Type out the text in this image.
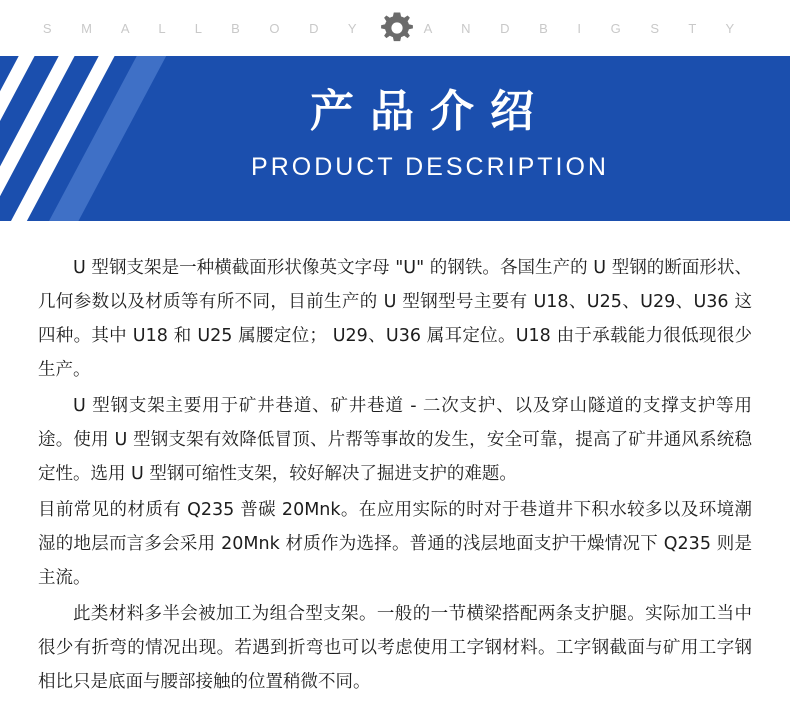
S M A L L B O D Y	A N D B I G S T Y
产品介绍
PRODUCT DESCRIPTION

U 型钢支架是一种横截面形状像英文字母 "U" 的钢铁。各国生产的 U 型钢的断面形状、几何参数以及材质等有所不同，目前生产的 U 型钢型号主要有 U18、U25、U29、U36 这四种。其中 U18 和 U25 属腰定位； U29、U36 属耳定位。U18 由于承载能力很低现很少生产。

U 型钢支架主要用于矿井巷道、矿井巷道 - 二次支护、以及穿山隧道的支撑支护等用途。使用 U 型钢支架有效降低冒顶、片帮等事故的发生，安全可靠，提高了矿井通风系统稳定性。选用 U 型钢可缩性支架，较好解决了掘进支护的难题。

目前常见的材质有 Q235 普碳 20Mnk。在应用实际的时对于巷道井下积水较多以及环境潮湿的地层而言多会采用 20Mnk 材质作为选择。普通的浅层地面支护干燥情况下 Q235 则是主流。

此类材料多半会被加工为组合型支架。一般的一节横梁搭配两条支护腿。实际加工当中很少有折弯的情况出现。若遇到折弯也可以考虑使用工字钢材料。工字钢截面与矿用工字钢相比只是底面与腰部接触的位置稍微不同。
